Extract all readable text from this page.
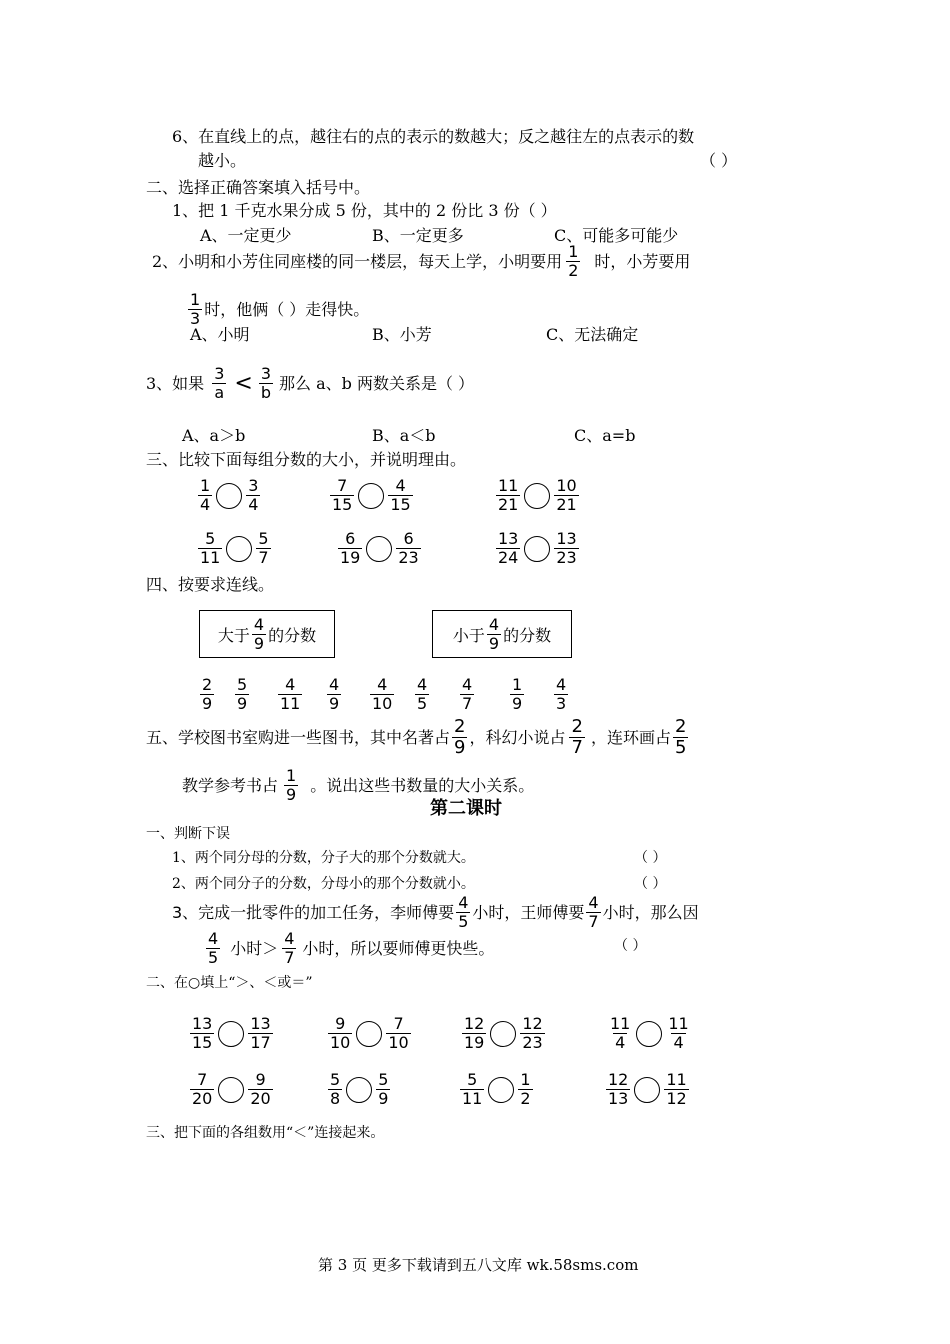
6、在直线上的点，越往右的点的表示的数越大；反之越往左的点表示的数
越小。	（ ）
二、选择正确答案填入括号中。
1、把 1 千克水果分成 5 份，其中的 2 份比 3 份（ ）
A、一定更少	B、一定更多	C、可能多可能少
2、小明和小芳住同座楼的同一楼层，每天上学，小明要用 $\frac{1}{2}$ 时，小芳要用
$\frac{1}{3}$ 时，他俩（ ）走得快。
A、小明	B、小芳	C、无法确定
3、如果 $\frac{3}{a} < \frac{3}{b}$ 那么 a、b 两数关系是（ ）
A、a＞b	B、a＜b	C、a=b
三、比较下面每组分数的大小，并说明理由。
$\frac{1}{4} \frac{3}{4}$	$\frac{7}{15} \frac{4}{15}$	$\frac{11}{21} \frac{10}{21}$
$\frac{5}{11} \frac{5}{7}$	$\frac{6}{19} \frac{6}{23}$	$\frac{13}{24} \frac{13}{23}$
四、按要求连线。
大于 $\frac{4}{9}$ 的分数	小于 $\frac{4}{9}$ 的分数
$\frac{2}{9} \frac{5}{9} \frac{4}{11} \frac{4}{9} \frac{4}{10} \frac{4}{5} \frac{4}{7} \frac{1}{9} \frac{4}{3}$
五、学校图书室购进一些图书，其中名著占 $\frac{2}{9}$ ，科幻小说占 $\frac{2}{7}$ ，连环画占 $\frac{2}{5}$
教学参考书占 $\frac{1}{9}$ 。说出这些书数量的大小关系。
第二课时
一、判断下误
1、两个同分母的分数，分子大的那个分数就大。	（ ）
2、两个同分子的分数，分母小的那个分数就小。	（ ）
3、完成一批零件的加工任务，李师傅要 $\frac{4}{5}$ 小时，王师傅要 $\frac{4}{7}$ 小时，那么因
$\frac{4}{5}$ 小时＞ $\frac{4}{7}$ 小时，所以要师傅更快些。	（ ）
二、在○填上“＞、＜或＝”
$\frac{13}{15} \frac{13}{17}$	$\frac{9}{10} \frac{7}{10}$	$\frac{12}{19} \frac{12}{23}$	$\frac{11}{4} \frac{11}{4}$
$\frac{7}{20} \frac{9}{20}$	$\frac{5}{8} \frac{5}{9}$	$\frac{5}{11} \frac{1}{2}$	$\frac{12}{13} \frac{11}{12}$
三、把下面的各组数用“＜”连接起来。
第 3 页 更多下载请到五八文库 wk.58sms.com
